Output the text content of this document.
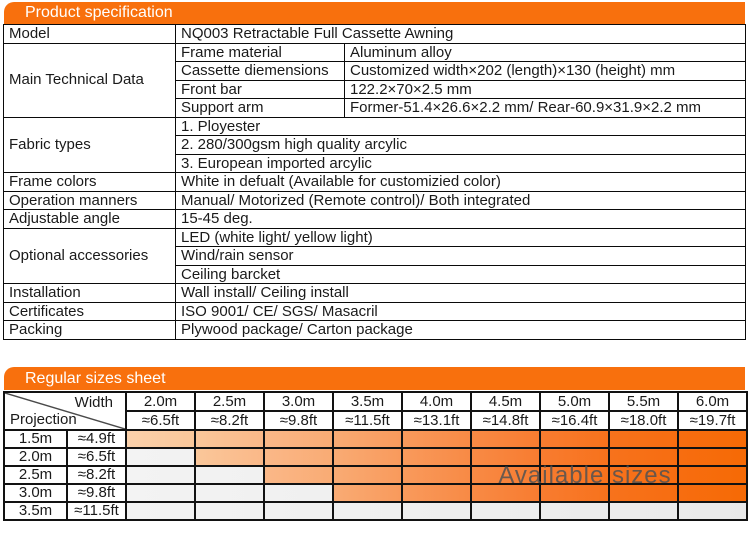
Product specification
Model	NQ003 Retractable Full Cassette Awning	
Main Technical Data	Frame material	Aluminum alloy
	Cassette diemensions	Customized width×202 (length)×130 (height) mm
	Front bar	122.2×70×2.5 mm
	Support arm	Former-51.4×26.6×2.2 mm/ Rear-60.9×31.9×2.2 mm
Fabric types	1. Ployester	
	2. 280/300gsm high quality arcylic	
	3. European imported arcylic	
Frame colors	White in defualt (Available for customizied color)	
Operation manners	Manual/ Motorized (Remote control)/ Both integrated	
Adjustable angle	15-45 deg.	
Optional accessories	LED (white light/ yellow light)	
	Wind/rain sensor	
	Ceiling barcket	
Installation	Wall install/ Ceiling install	
Certificates	ISO 9001/ CE/ SGS/ Masacril	
Packing	Plywood package/ Carton package	
Regular sizes sheet
Width
Projection		2.0m	2.5m	3.0m	3.5m	4.0m	4.5m	5.0m	5.5m	6.0m
		≈6.5ft	≈8.2ft	≈9.8ft	≈11.5ft	≈13.1ft	≈14.8ft	≈16.4ft	≈18.0ft	≈19.7ft
1.5m	≈4.9ft									
2.0m	≈6.5ft									
2.5m	≈8.2ft									
3.0m	≈9.8ft									
3.5m	≈11.5ft									
Available sizes
